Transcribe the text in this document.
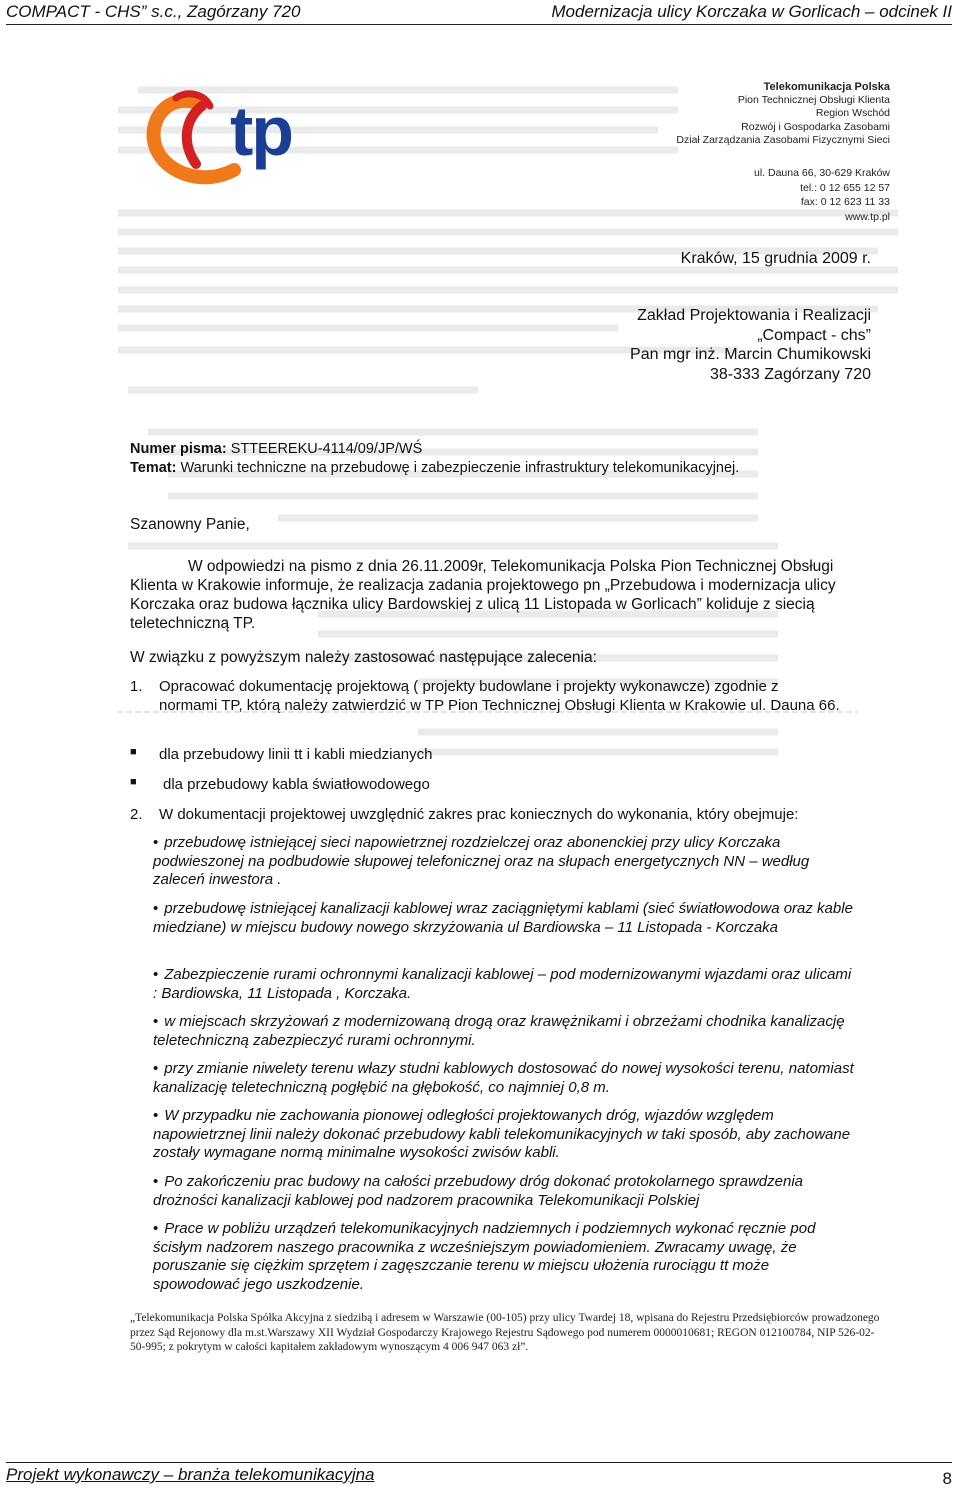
COMPACT - CHS” s.c., Zagórzany 720	Modernizacja ulicy Korczaka w Gorlicach – odcinek II
tp
Telekomunikacja Polska
Pion Technicznej Obsługi Klienta
Region Wschód
Rozwój i Gospodarka Zasobami
Dział Zarządzania Zasobami Fizycznymi Sieci
ul. Dauna 66, 30-629 Kraków
tel.: 0 12 655 12 57
fax: 0 12 623 11 33
www.tp.pl
Kraków, 15 grudnia 2009 r.
Zakład Projektowania i Realizacji
„Compact - chs”
Pan mgr inż. Marcin Chumikowski
38-333 Zagórzany 720
Numer pisma: STTEEREKU-4114/09/JP/WŚ
Temat: Warunki techniczne na przebudowę i zabezpieczenie infrastruktury telekomunikacyjnej.
Szanowny Panie,
W odpowiedzi na pismo z dnia 26.11.2009r, Telekomunikacja Polska Pion Technicznej Obsługi
Klienta w Krakowie informuje, że realizacja zadania projektowego pn „Przebudowa i modernizacja ulicy Korczaka oraz budowa łącznika ulicy Bardowskiej z ulicą 11 Listopada w Gorlicach” koliduje z siecią teletechniczną TP.
W związku z powyższym należy zastosować następujące zalecenia:
1.	Opracować dokumentację projektową ( projekty budowlane i projekty wykonawcze) zgodnie z normami TP, którą należy zatwierdzić w TP Pion Technicznej Obsługi Klienta w Krakowie ul. Dauna 66.
■ dla przebudowy linii tt i kabli miedzianych
■ dla przebudowy kabla światłowodowego
2.	W dokumentacji projektowej uwzględnić zakres prac koniecznych do wykonania, który obejmuje:
• przebudowę istniejącej sieci napowietrznej rozdzielczej oraz abonenckiej przy ulicy Korczaka podwieszonej na podbudowie słupowej telefonicznej oraz na słupach energetycznych NN – według zaleceń inwestora .
• przebudowę istniejącej kanalizacji kablowej wraz zaciągniętymi kablami (sieć światłowodowa oraz kable miedziane) w miejscu budowy nowego skrzyżowania ul Bardiowska – 11 Listopada - Korczaka
• Zabezpieczenie rurami ochronnymi kanalizacji kablowej – pod modernizowanymi wjazdami oraz ulicami : Bardiowska, 11 Listopada , Korczaka.
• w miejscach skrzyżowań z modernizowaną drogą oraz krawężnikami i obrzeżami chodnika kanalizację teletechniczną zabezpieczyć rurami ochronnymi.
• przy zmianie niwelety terenu włazy studni kablowych dostosować do nowej wysokości terenu, natomiast kanalizację teletechniczną pogłębić na głębokość, co najmniej 0,8 m.
• W przypadku nie zachowania pionowej odległości projektowanych dróg, wjazdów względem napowietrznej linii należy dokonać przebudowy kabli telekomunikacyjnych w taki sposób, aby zachowane zostały wymagane normą minimalne wysokości zwisów kabli.
• Po zakończeniu prac budowy na całości przebudowy dróg dokonać protokolarnego sprawdzenia drożności kanalizacji kablowej pod nadzorem pracownika Telekomunikacji Polskiej
• Prace w pobliżu urządzeń telekomunikacyjnych nadziemnych i podziemnych wykonać ręcznie pod ścisłym nadzorem naszego pracownika z wcześniejszym powiadomieniem. Zwracamy uwagę, że poruszanie się ciężkim sprzętem i zagęszczanie terenu w miejscu ułożenia rurociągu tt może spowodować jego uszkodzenie.
„Telekomunikacja Polska Spółka Akcyjna z siedzibą i adresem w Warszawie (00-105) przy ulicy Twardej 18, wpisana do Rejestru Przedsiębiorców prowadzonego przez Sąd Rejonowy dla m.st.Warszawy XII Wydział Gospodarczy Krajowego Rejestru Sądowego pod numerem 0000010681; REGON 012100784, NIP 526-02-50-995; z pokrytym w całości kapitałem zakładowym wynoszącym 4 006 947 063 zł”.
Projekt wykonawczy – branża telekomunikacyjna	8
